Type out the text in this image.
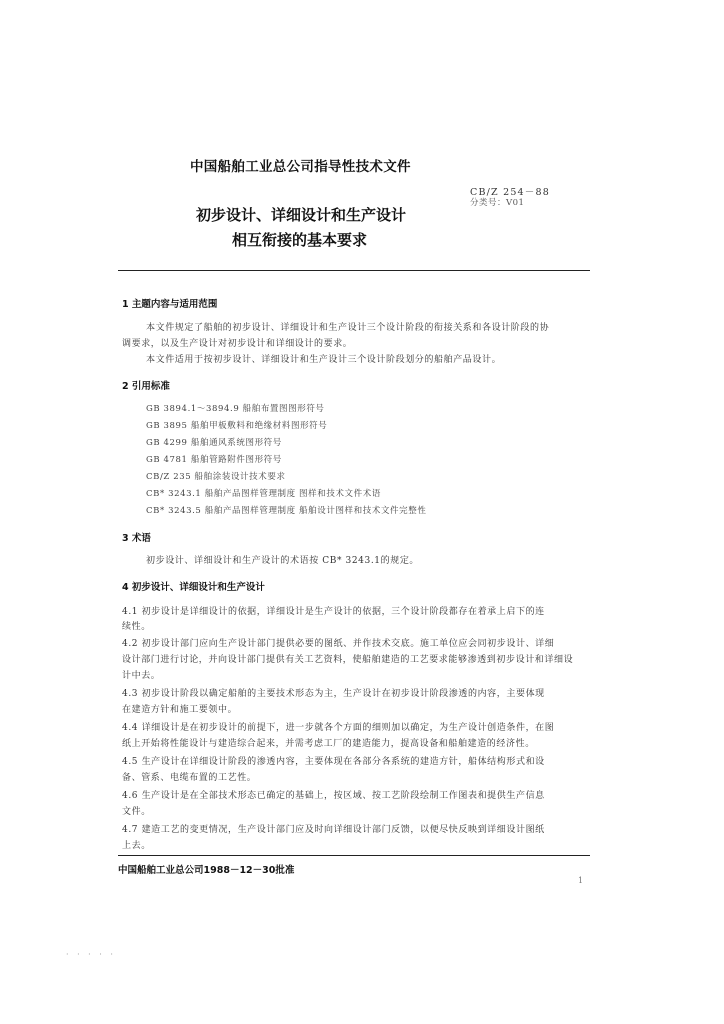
中国船舶工业总公司指导性技术文件
CB/Z 254－88
分类号：V01
初步设计、详细设计和生产设计
相互衔接的基本要求
1 主题内容与适用范围
本文件规定了船舶的初步设计、详细设计和生产设计三个设计阶段的衔接关系和各设计阶段的协
调要求，以及生产设计对初步设计和详细设计的要求。
本文件适用于按初步设计、详细设计和生产设计三个设计阶段划分的船舶产品设计。
2 引用标准
GB 3894.1～3894.9 船舶布置图图形符号
GB 3895 船舶甲板敷料和绝缘材料图形符号
GB 4299 船舶通风系统图形符号
GB 4781 船舶管路附件图形符号
CB/Z 235 船舶涂装设计技术要求
CB* 3243.1 船舶产品图样管理制度 图样和技术文件术语
CB* 3243.5 船舶产品图样管理制度 船舶设计图样和技术文件完整性
3 术语
初步设计、详细设计和生产设计的术语按 CB* 3243.1的规定。
4 初步设计、详细设计和生产设计
4.1 初步设计是详细设计的依据，详细设计是生产设计的依据，三个设计阶段都存在着承上启下的连
续性。
4.2 初步设计部门应向生产设计部门提供必要的图纸、并作技术交底。施工单位应会同初步设计、详细
设计部门进行讨论，并向设计部门提供有关工艺资料，使船舶建造的工艺要求能够渗透到初步设计和详细设
计中去。
4.3 初步设计阶段以确定船舶的主要技术形态为主，生产设计在初步设计阶段渗透的内容，主要体现
在建造方针和施工要领中。
4.4 详细设计是在初步设计的前提下，进一步就各个方面的细则加以确定，为生产设计创造条件，在图
纸上开始将性能设计与建造综合起来，并需考虑工厂的建造能力，提高设备和船舶建造的经济性。
4.5 生产设计在详细设计阶段的渗透内容，主要体现在各部分各系统的建造方针，船体结构形式和设
备、管系、电缆布置的工艺性。
4.6 生产设计是在全部技术形态已确定的基础上，按区域、按工艺阶段绘制工作图表和提供生产信息
文件。
4.7 建造工艺的变更情况，生产设计部门应及时向详细设计部门反馈，以便尽快反映到详细设计图纸
上去。
中国船舶工业总公司1988－12－30批准
1
· · · · ·
